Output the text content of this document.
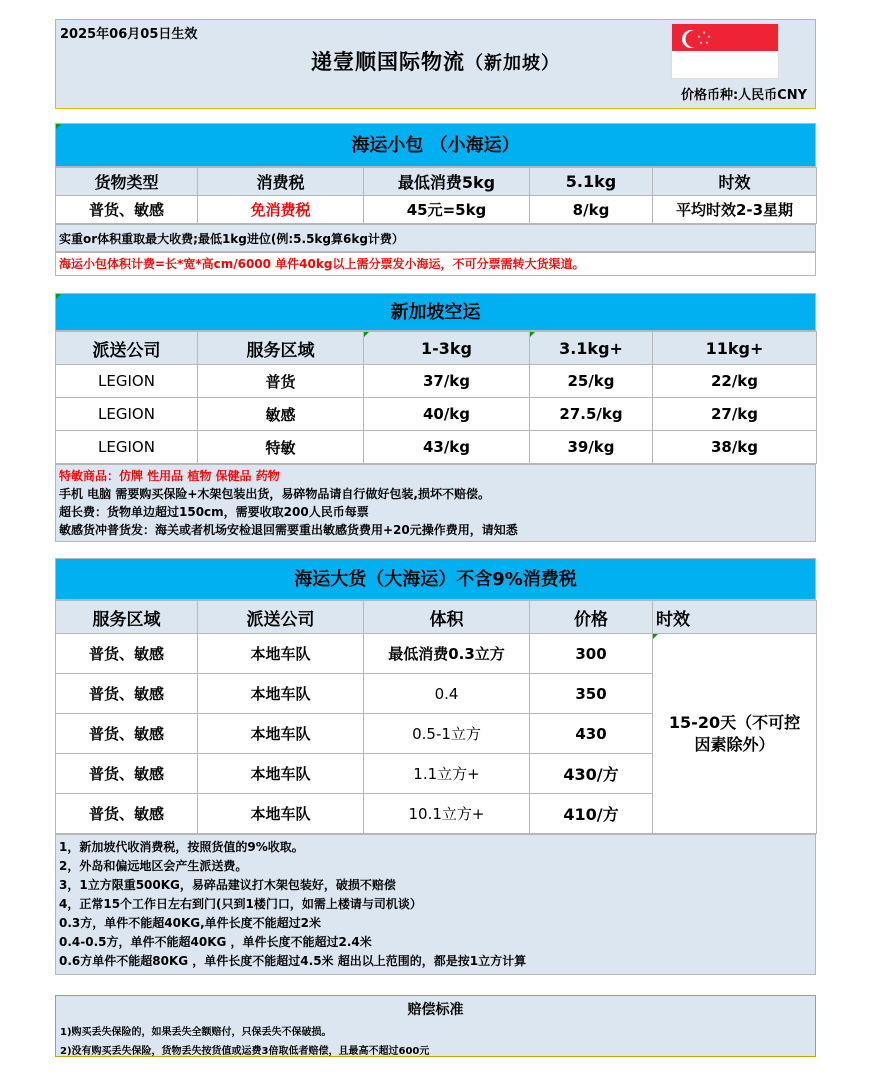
2025年06月05日生效
递壹顺国际物流（新加坡）
价格币种:人民币CNY
海运小包 （小海运）
货物类型	消费税	最低消费5kg	5.1kg	时效
普货、敏感	免消费税	45元=5kg	8/kg	平均时效2-3星期
实重or体积重取最大收费;最低1kg进位(例:5.5kg算6kg计费）
海运小包体积计费=长*宽*高cm/6000 单件40kg以上需分票发小海运，不可分票需转大货渠道。
新加坡空运
派送公司	服务区域	1-3kg	3.1kg+	11kg+
LEGION	普货	37/kg	25/kg	22/kg
LEGION	敏感	40/kg	27.5/kg	27/kg
LEGION	特敏	43/kg	39/kg	38/kg
特敏商品：仿牌 性用品 植物 保健品 药物
手机 电脑 需要购买保险+木架包装出货，易碎物品请自行做好包装,损坏不赔偿。
超长费：货物单边超过150cm，需要收取200人民币每票
敏感货冲普货发：海关或者机场安检退回需要重出敏感货费用+20元操作费用，请知悉
海运大货（大海运）不含9%消费税
服务区域	派送公司	体积	价格	时效
普货、敏感	本地车队	最低消费0.3立方	300	15-20天（不可控因素除外）
普货、敏感	本地车队	0.4	350	
普货、敏感	本地车队	0.5-1立方	430	
普货、敏感	本地车队	1.1立方+	430/方	
普货、敏感	本地车队	10.1立方+	410/方	
1，新加坡代收消费税，按照货值的9%收取。
2，外岛和偏远地区会产生派送费。
3，1立方限重500KG，易碎品建议打木架包装好，破损不赔偿
4，正常15个工作日左右到门(只到1楼门口，如需上楼请与司机谈）
0.3方，单件不能超40KG,单件长度不能超过2米
0.4-0.5方，单件不能超40KG ，单件长度不能超过2.4米
0.6方单件不能超80KG ，单件长度不能超过4.5米 超出以上范围的，都是按1立方计算
赔偿标准
1)购买丢失保险的，如果丢失全额赔付，只保丢失不保破损。
2)没有购买丢失保险，货物丢失按货值或运费3倍取低者赔偿，且最高不超过600元
